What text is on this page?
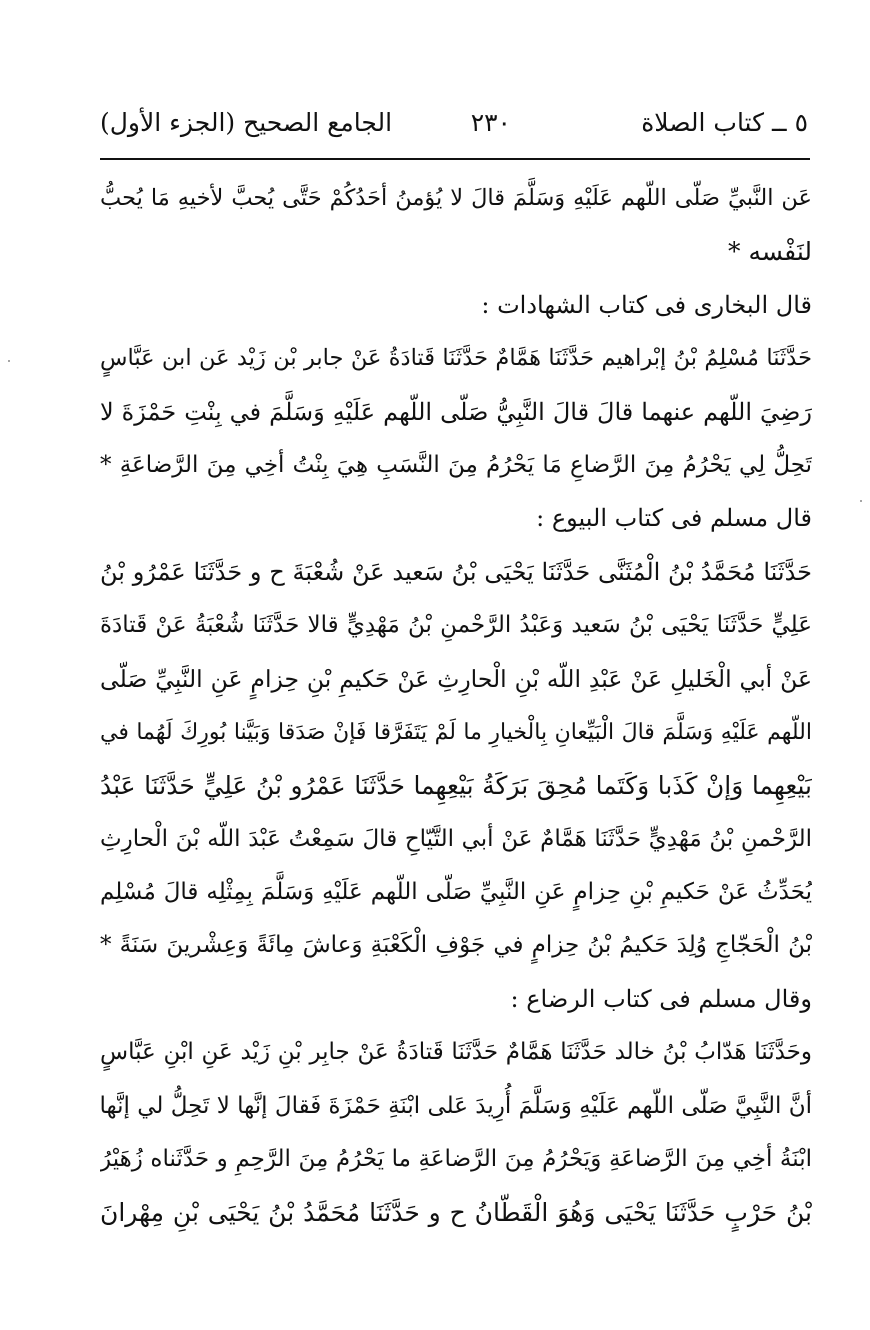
٥ ــ كتاب الصلاة
٢٣٠
الجامع الصحيح (الجزء الأول)
عَن النَّبيِّ صَلّى اللّهم عَلَيْهِ وَسَلَّمَ قالَ لا يُؤمنُ أحَدُكُمْ حَتَّى يُحبَّ لأخيهِ مَا يُحبُّ
لنَفْسه *
قال البخارى فى كتاب الشهادات :
حَدَّثَنَا مُسْلِمُ بْنُ إبْراهيم حَدَّثَنَا هَمَّامٌ حَدَّثَنَا قَتادَةُ عَنْ جابر بْن زَيْد عَن ابن عَبَّاسٍ
رَضِيَ اللّهم عنهما قالَ قالَ النَّبِيُّ صَلّى اللّهم عَلَيْهِ وَسَلَّمَ في بِنْتِ حَمْزَةَ لا
تَحِلُّ لِي يَحْرُمُ مِنَ الرَّضاعِ مَا يَحْرُمُ مِنَ النَّسَبِ هِيَ بِنْتُ أخِي مِنَ الرَّضاعَةِ *
قال مسلم فى كتاب البيوع :
حَدَّثَنَا مُحَمَّدُ بْنُ الْمُثَنَّى حَدَّثَنَا يَحْيَى بْنُ سَعيد عَنْ شُعْبَةَ ح و حَدَّثَنَا عَمْرُو بْنُ
عَلِيٍّ حَدَّثَنَا يَحْيَى بْنُ سَعيد وَعَبْدُ الرَّحْمنِ بْنُ مَهْدِيٍّ قالا حَدَّثَنَا شُعْبَةُ عَنْ قَتادَةَ
عَنْ أبي الْخَليلِ عَنْ عَبْدِ اللّه بْنِ الْحارِثِ عَنْ حَكيمِ بْنِ حِزامٍ عَنِ النَّبِيِّ صَلّى
اللّهم عَلَيْهِ وَسَلَّمَ قالَ الْبَيِّعانِ بِالْخيارِ ما لَمْ يَتَفَرَّقا فَإنْ صَدَقا وَبَيَّنا بُورِكَ لَهُما في
بَيْعِهِما وَإنْ كَذَبا وَكَتَما مُحِقَ بَرَكَةُ بَيْعِهِما حَدَّثَنَا عَمْرُو بْنُ عَلِيٍّ حَدَّثَنَا عَبْدُ
الرَّحْمنِ بْنُ مَهْدِيٍّ حَدَّثَنَا هَمَّامٌ عَنْ أبي التَّيّاحِ قالَ سَمِعْتُ عَبْدَ اللّه بْنَ الْحارِثِ
يُحَدِّثُ عَنْ حَكيمِ بْنِ حِزامٍ عَنِ النَّبِيِّ صَلّى اللّهم عَلَيْهِ وَسَلَّمَ بِمِثْلِه قالَ مُسْلِم
بْنُ الْحَجّاجِ وُلِدَ حَكيمُ بْنُ حِزامٍ في جَوْفِ الْكَعْبَةِ وَعاشَ مِائَةً وَعِشْرينَ سَنَةً *
وقال مسلم فى كتاب الرضاع :
وحَدَّثَنَا هَدّابُ بْنُ خالد حَدَّثَنَا هَمَّامٌ حَدَّثَنَا قَتادَةُ عَنْ جابِر بْنِ زَيْد عَنِ ابْنِ عَبَّاسٍ
أنَّ النَّبِيَّ صَلّى اللّهم عَلَيْهِ وَسَلَّمَ أُرِيدَ عَلى ابْنَةِ حَمْزَةَ فَقالَ إنَّها لا تَحِلُّ لي إنَّها
ابْنَةُ أخِي مِنَ الرَّضاعَةِ وَيَحْرُمُ مِنَ الرَّضاعَةِ ما يَحْرُمُ مِنَ الرَّحِمِ و حَدَّثَناه زُهَيْرُ
بْنُ حَرْبٍ حَدَّثَنَا يَحْيَى وَهُوَ الْقَطّانُ ح و حَدَّثَنَا مُحَمَّدُ بْنُ يَحْيَى بْنِ مِهْرانَ
